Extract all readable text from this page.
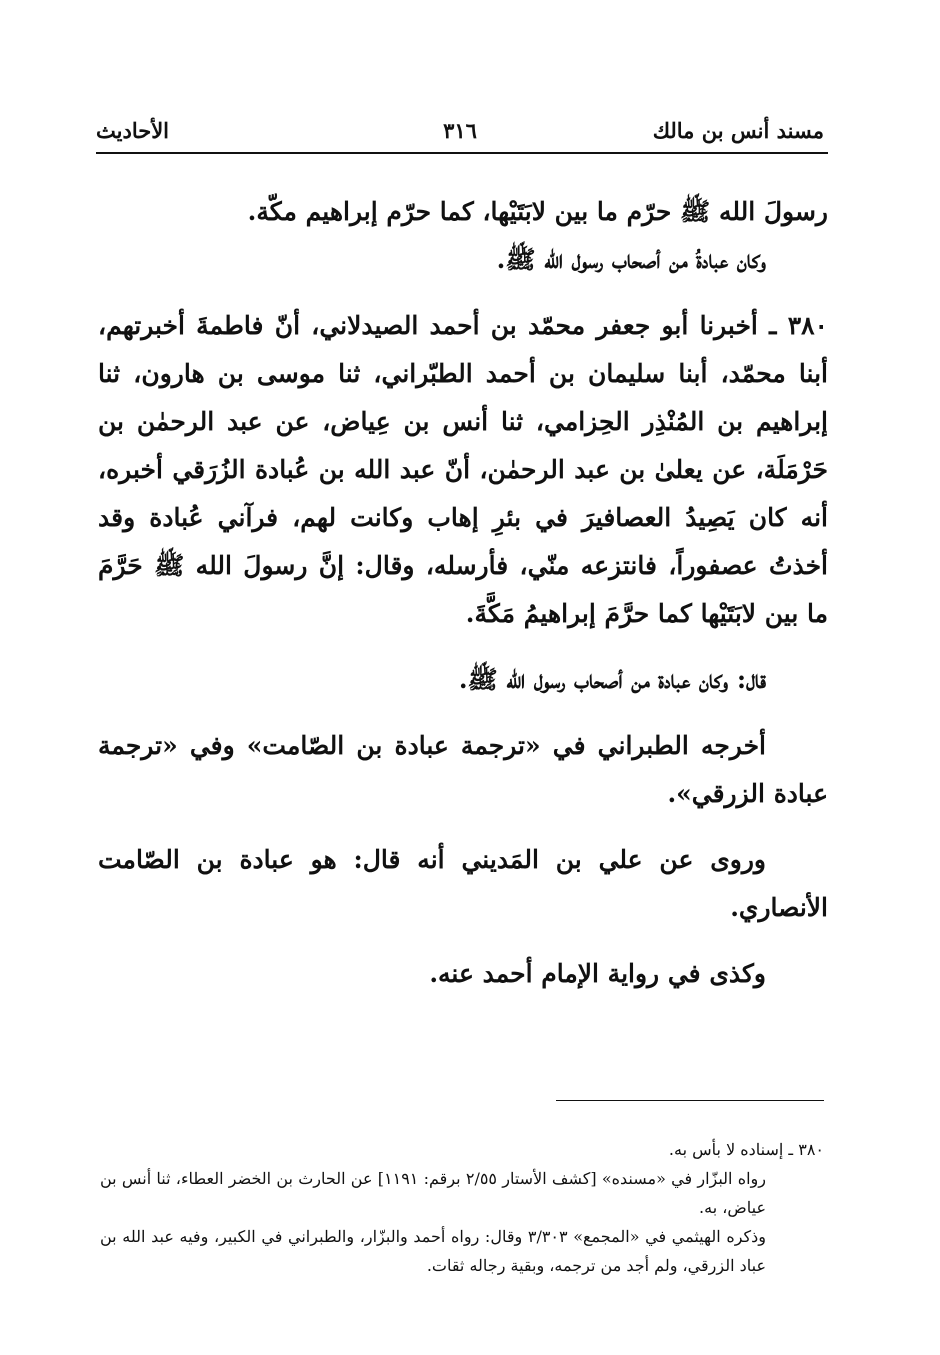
مسند أنس بن مالك
٣١٦
الأحاديث

رسولَ الله ﷺ حرّم ما بين لابَتَيْها، كما حرّم إبراهيم مكّة.

وكان عبادةُ من أصحاب رسول الله ﷺ.

٣٨٠ ـ أخبرنا أبو جعفر محمّد بن أحمد الصيدلاني، أنّ فاطمةَ أخبرتهم، أبنا محمّد، أبنا سليمان بن أحمد الطبّراني، ثنا موسى بن هارون، ثنا إبراهيم بن المُنْذِر الحِزامي، ثنا أنس بن عِياض، عن عبد الرحمٰن بن حَرْمَلَة، عن يعلىٰ بن عبد الرحمٰن، أنّ عبد الله بن عُبادة الزُرَقي أخبره، أنه كان يَصِيدُ العصافيرَ في بئرِ إهاب وكانت لهم، فرآني عُبادة وقد أخذتُ عصفوراً، فانتزعه منّي، فأرسله، وقال: إنَّ رسولَ الله ﷺ حَرَّمَ ما بين لابَتَيْها كما حرَّمَ إبراهيمُ مَكَّةَ.

قال: وكان عبادة من أصحاب رسول الله ﷺ.

أخرجه الطبراني في «ترجمة عبادة بن الصّامت» وفي «ترجمة عبادة الزرقي».

وروى عن علي بن المَديني أنه قال: هو عبادة بن الصّامت الأنصاري.

وكذى في رواية الإمام أحمد عنه.

٣٨٠ ـ إسناده لا بأس به.

رواه البزّار في «مسنده» [كشف الأستار ٢/٥٥ برقم: ١١٩١] عن الحارث بن الخضر العطاء، ثنا أنس بن عياض، به.

وذكره الهيثمي في «المجمع» ٣/٣٠٣ وقال: رواه أحمد والبزّار، والطبراني في الكبير، وفيه عبد الله بن عباد الزرقي، ولم أجد من ترجمه، وبقية رجاله ثقات.
